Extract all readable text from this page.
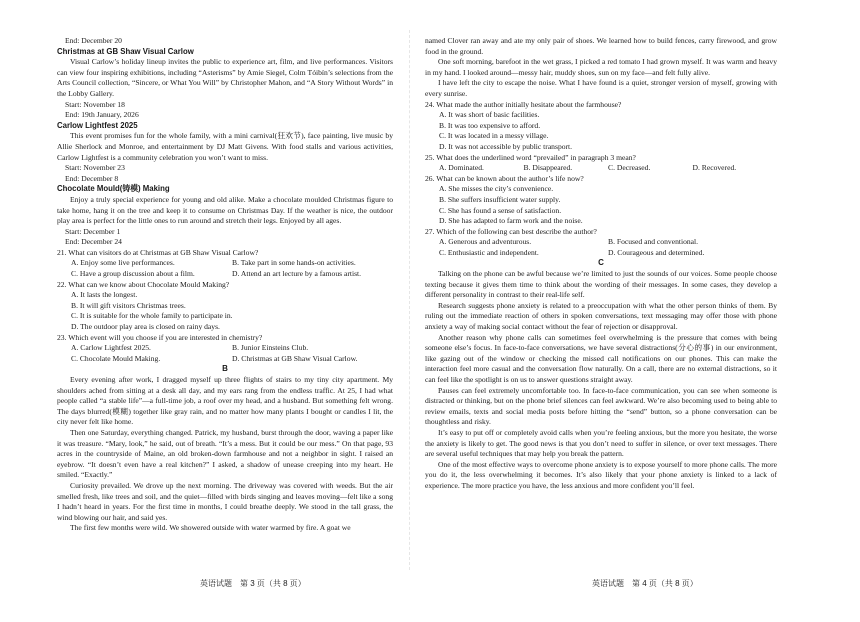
End: December 20

Christmas at GB Shaw Visual Carlow

Visual Carlow’s holiday lineup invites the public to experience art, film, and live performances. Visitors can view four inspiring exhibitions, including “Asterisms” by Amie Siegel, Colm Tóibín’s selections from the Arts Council collection, “Sincere, or What You Will” by Christopher Mahon, and “A Story Without Words” in the Lobby Gallery.

Start: November 18

End: 19th January, 2026

Carlow Lightfest 2025

This event promises fun for the whole family, with a mini carnival(狂欢节), face painting, live music by Allie Sherlock and Monroe, and entertainment by DJ Matt Givens. With food stalls and various activities, Carlow Lightfest is a community celebration you won’t want to miss.

Start: November 23

End: December 8

Chocolate Mould(铸模) Making

Enjoy a truly special experience for young and old alike. Make a chocolate moulded Christmas figure to take home, hang it on the tree and keep it to consume on Christmas Day. If the weather is nice, the outdoor play area is perfect for the little ones to run around and stretch their legs. Enjoyed by all ages.

Start: December 1

End: December 24

21. What can visitors do at Christmas at GB Shaw Visual Carlow?

A. Enjoy some live performances.	B. Take part in some hands-on activities.
C. Have a group discussion about a film.	D. Attend an art lecture by a famous artist.

22. What can we know about Chocolate Mould Making?

A. It lasts the longest.

B. It will gift visitors Christmas trees.

C. It is suitable for the whole family to participate in.

D. The outdoor play area is closed on rainy days.

23. Which event will you choose if you are interested in chemistry?

A. Carlow Lightfest 2025.	B. Junior Einsteins Club.
C. Chocolate Mould Making.	D. Christmas at GB Shaw Visual Carlow.

B

Every evening after work, I dragged myself up three flights of stairs to my tiny city apartment. My shoulders ached from sitting at a desk all day, and my ears rang from the endless traffic. At 25, I had what people called “a stable life”—a full-time job, a roof over my head, and a husband. But something felt wrong. The days blurred(模糊) together like gray rain, and no matter how many plants I bought or candles I lit, the city never felt like home.

Then one Saturday, everything changed. Patrick, my husband, burst through the door, waving a paper like it was treasure. “Mary, look,” he said, out of breath. “It’s a mess. But it could be our mess.” On that page, 93 acres in the countryside of Maine, an old broken-down farmhouse and not a neighbor in sight. I raised an eyebrow. “It doesn’t even have a real kitchen?” I asked, a shadow of unease creeping into my heart. He smiled. “Exactly.”

Curiosity prevailed. We drove up the next morning. The driveway was covered with weeds. But the air smelled fresh, like trees and soil, and the quiet—filled with birds singing and leaves moving—felt like a song I hadn’t heard in years. For the first time in months, I could breathe deeply. We stood in the tall grass, the wind blowing our hair, and said yes.

The first few months were wild. We showered outside with water warmed by fire. A goat we

named Clover ran away and ate my only pair of shoes. We learned how to build fences, carry firewood, and grow food in the ground.

One soft morning, barefoot in the wet grass, I picked a red tomato I had grown myself. It was warm and heavy in my hand. I looked around—messy hair, muddy shoes, sun on my face—and felt fully alive.

I have left the city to escape the noise. What I have found is a quiet, stronger version of myself, growing with every sunrise.

24. What made the author initially hesitate about the farmhouse?

A. It was short of basic facilities.

B. It was too expensive to afford.

C. It was located in a messy village.

D. It was not accessible by public transport.

25. What does the underlined word “prevailed” in paragraph 3 mean?

A. Dominated.	B. Disappeared.	C. Decreased.	D. Recovered.

26. What can be known about the author’s life now?

A. She misses the city’s convenience.

B. She suffers insufficient water supply.

C. She has found a sense of satisfaction.

D. She has adapted to farm work and the noise.

27. Which of the following can best describe the author?

A. Generous and adventurous.	B. Focused and conventional.
C. Enthusiastic and independent.	D. Courageous and determined.

C

Talking on the phone can be awful because we’re limited to just the sounds of our voices. Some people choose texting because it gives them time to think about the wording of their messages. In some cases, they develop a different personality in contrast to their real-life self.

Research suggests phone anxiety is related to a preoccupation with what the other person thinks of them. By ruling out the immediate reaction of others in spoken conversations, text messaging may offer those with phone anxiety a way of making social contact without the fear of rejection or disapproval.

Another reason why phone calls can sometimes feel overwhelming is the pressure that comes with being someone else’s focus. In face-to-face conversations, we have several distractions(分心的事) in our environment, like gazing out of the window or checking the missed call notifications on our phones. This can make the interaction feel more casual and the conversation flow naturally. On a call, there are no external distractions, so it can feel like the spotlight is on us to answer questions straight away.

Pauses can feel extremely uncomfortable too. In face-to-face communication, you can see when someone is distracted or thinking, but on the phone brief silences can feel awkward. We’re also becoming used to being able to review emails, texts and social media posts before hitting the “send” button, so a phone conversation can be thoughtless and risky.

It’s easy to put off or completely avoid calls when you’re feeling anxious, but the more you hesitate, the worse the anxiety is likely to get. The good news is that you don’t need to suffer in silence, or over text messages. There are several useful techniques that may help you break the pattern.

One of the most effective ways to overcome phone anxiety is to expose yourself to more phone calls. The more you do it, the less overwhelming it becomes. It’s also likely that your phone anxiety is linked to a lack of experience. The more practice you have, the less anxious and more confident you’ll feel.

英语试题　第 3 页（共 8 页）	英语试题　第 4 页（共 8 页）
